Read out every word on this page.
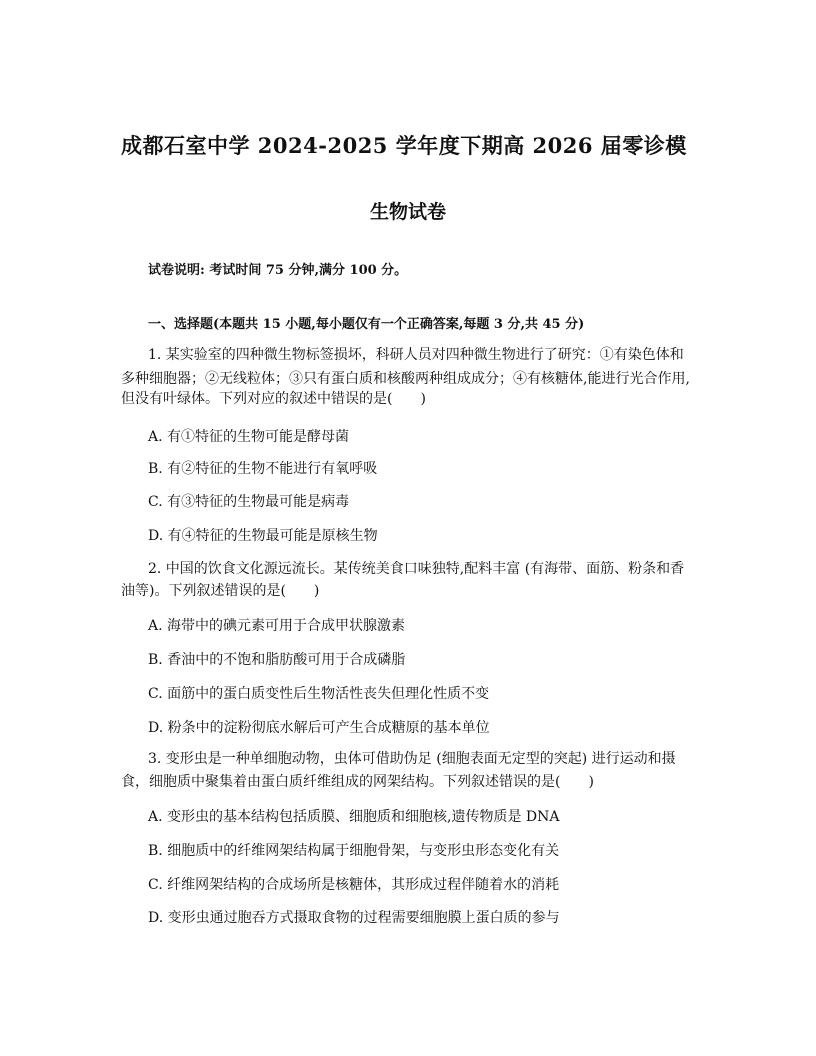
成都石室中学 2024-2025 学年度下期高 2026 届零诊模
生物试卷
试卷说明: 考试时间 75 分钟,满分 100 分。
一、选择题(本题共 15 小题,每小题仅有一个正确答案,每题 3 分,共 45 分)
1. 某实验室的四种微生物标签损坏，科研人员对四种微生物进行了研究：①有染色体和
多种细胞器；②无线粒体；③只有蛋白质和核酸两种组成成分；④有核糖体,能进行光合作用,
但没有叶绿体。下列对应的叙述中错误的是(　　)
A. 有①特征的生物可能是酵母菌
B. 有②特征的生物不能进行有氧呼吸
C. 有③特征的生物最可能是病毒
D. 有④特征的生物最可能是原核生物
2. 中国的饮食文化源远流长。某传统美食口味独特,配料丰富 (有海带、面筋、粉条和香
油等)。下列叙述错误的是(　　)
A. 海带中的碘元素可用于合成甲状腺激素
B. 香油中的不饱和脂肪酸可用于合成磷脂
C. 面筋中的蛋白质变性后生物活性丧失但理化性质不变
D. 粉条中的淀粉彻底水解后可产生合成糖原的基本单位
3. 变形虫是一种单细胞动物，虫体可借助伪足 (细胞表面无定型的突起) 进行运动和摄
食，细胞质中聚集着由蛋白质纤维组成的网架结构。下列叙述错误的是(　　)
A. 变形虫的基本结构包括质膜、细胞质和细胞核,遗传物质是 DNA
B. 细胞质中的纤维网架结构属于细胞骨架，与变形虫形态变化有关
C. 纤维网架结构的合成场所是核糖体，其形成过程伴随着水的消耗
D. 变形虫通过胞吞方式摄取食物的过程需要细胞膜上蛋白质的参与
